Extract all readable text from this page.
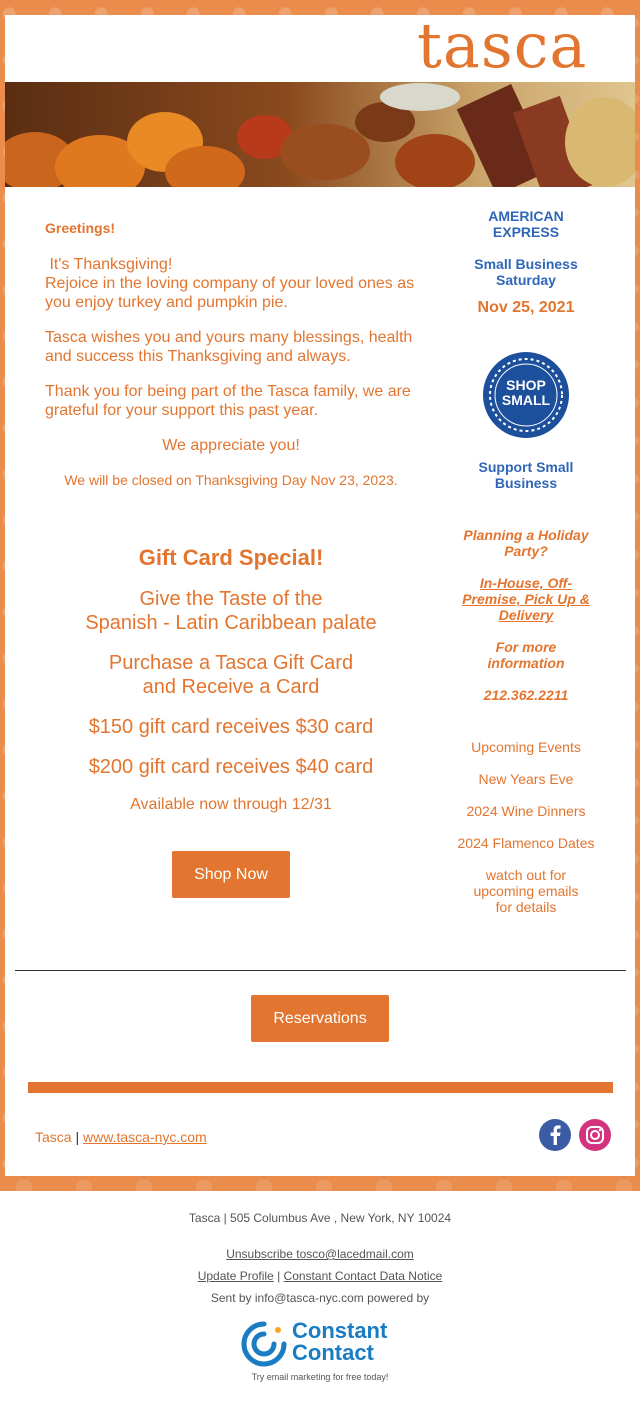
tasca
Greetings!
It's Thanksgiving!
Rejoice in the loving company of your loved ones as you enjoy turkey and pumpkin pie.
Tasca wishes you and yours many blessings, health and success this Thanksgiving and always.
Thank you for being part of the Tasca family, we are grateful for your support this past year.
We appreciate you!
We will be closed on Thanksgiving Day Nov 23, 2023.
Gift Card Special!
Give the Taste of the
Spanish - Latin Caribbean palate
Purchase a Tasca Gift Card
and Receive a Card
$150 gift card receives $30 card
$200 gift card receives $40 card
Available now through 12/31
Shop Now
AMERICAN
EXPRESS
Small Business
Saturday
Nov 25, 2021
SHOP
SMALL
Support Small
Business
Planning a Holiday
Party?
In-House, Off-
Premise, Pick Up &
Delivery
For more
information
212.362.2211
Upcoming Events
New Years Eve
2024 Wine Dinners
2024 Flamenco Dates
watch out for
upcoming emails
for details
Reservations
Tasca | www.tasca-nyc.com
Tasca | 505 Columbus Ave , New York, NY 10024
Unsubscribe tosco@lacedmail.com
Update Profile | Constant Contact Data Notice
Sent by info@tasca-nyc.com powered by
Constant
Contact
Try email marketing for free today!
